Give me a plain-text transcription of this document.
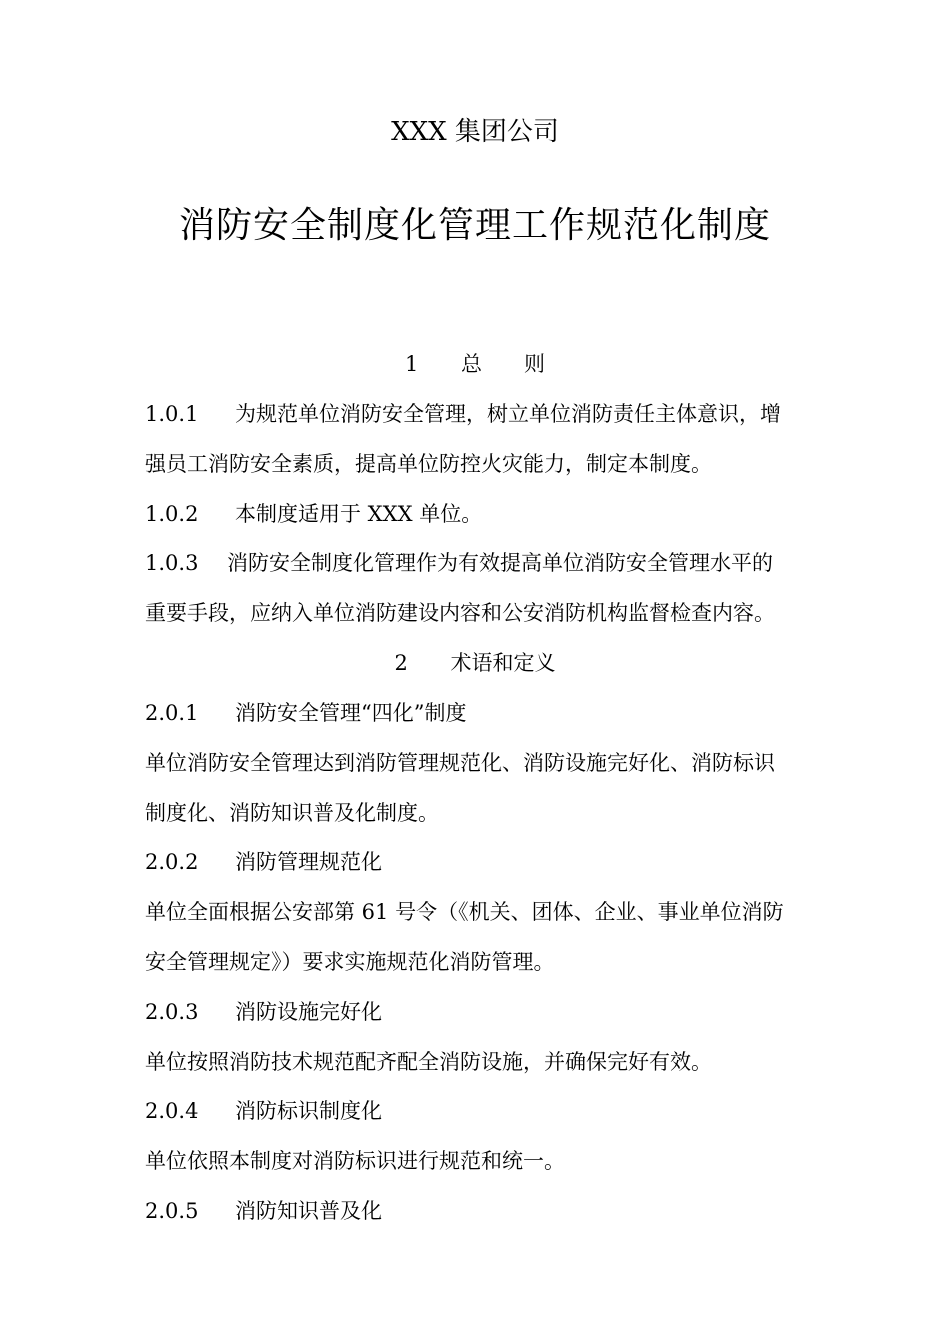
XXX 集团公司
消防安全制度化管理工作规范化制度
1 总　　则
1.0.1 为规范单位消防安全管理，树立单位消防责任主体意识，增
强员工消防安全素质，提高单位防控火灾能力，制定本制度。
1.0.2 本制度适用于 XXX 单位。
1.0.3 消防安全制度化管理作为有效提高单位消防安全管理水平的
重要手段，应纳入单位消防建设内容和公安消防机构监督检查内容。
2 术语和定义
2.0.1 消防安全管理“四化”制度
单位消防安全管理达到消防管理规范化、消防设施完好化、消防标识
制度化、消防知识普及化制度。
2.0.2 消防管理规范化
单位全面根据公安部第 61 号令（《机关、团体、企业、事业单位消防
安全管理规定》）要求实施规范化消防管理。
2.0.3 消防设施完好化
单位按照消防技术规范配齐配全消防设施，并确保完好有效。
2.0.4 消防标识制度化
单位依照本制度对消防标识进行规范和统一。
2.0.5 消防知识普及化
